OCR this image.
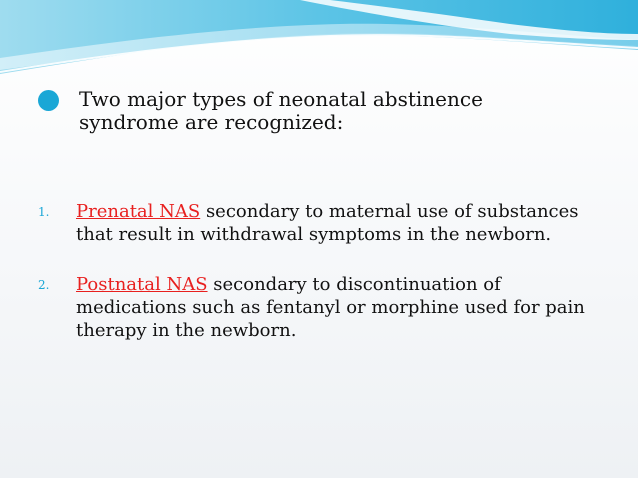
Two major types of neonatal abstinence
syndrome are recognized:
1.	Prenatal NAS secondary to maternal use of substances
that result in withdrawal symptoms in the newborn.
2.	Postnatal NAS secondary to discontinuation of
medications such as fentanyl or morphine used for pain
therapy in the newborn.
